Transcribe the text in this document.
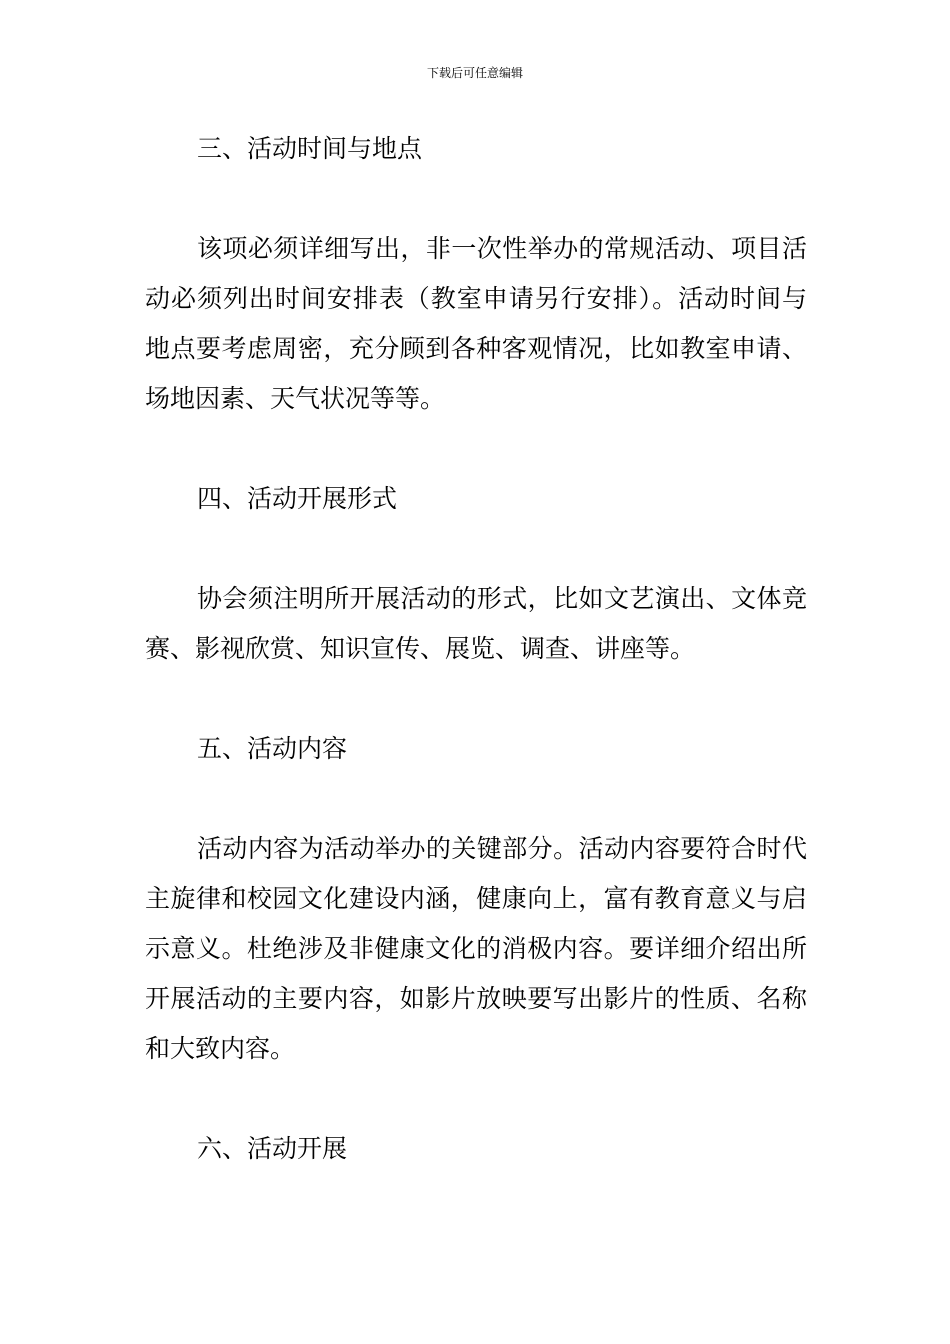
下载后可任意编辑
三、活动时间与地点

该项必须详细写出，非一次性举办的常规活动、项目活动必须列出时间安排表（教室申请另行安排）。活动时间与地点要考虑周密，充分顾到各种客观情况，比如教室申请、场地因素、天气状况等等。

四、活动开展形式

协会须注明所开展活动的形式，比如文艺演出、文体竞赛、影视欣赏、知识宣传、展览、调查、讲座等。

五、活动内容

活动内容为活动举办的关键部分。活动内容要符合时代主旋律和校园文化建设内涵，健康向上，富有教育意义与启示意义。杜绝涉及非健康文化的消极内容。要详细介绍出所开展活动的主要内容，如影片放映要写出影片的性质、名称和大致内容。

六、活动开展
